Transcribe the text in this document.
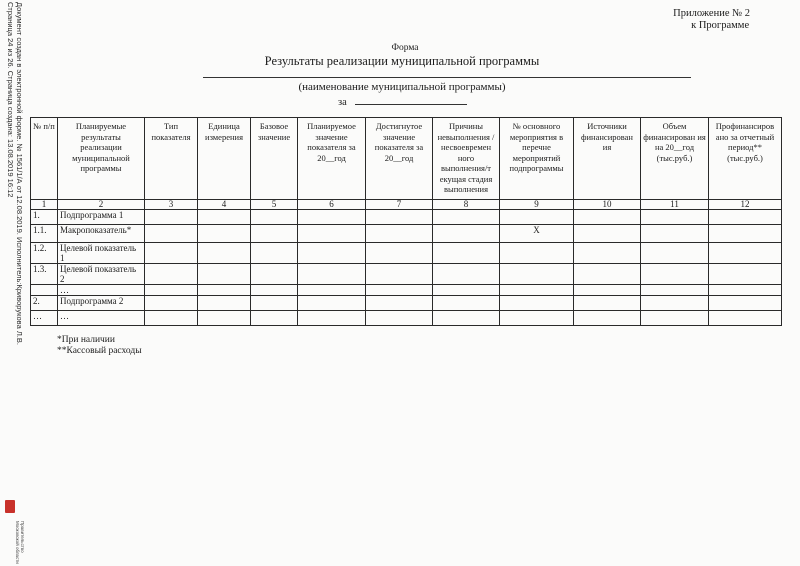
Документ создан в электронной форме. № 1561/1/А от 12.08.2019. Исполнитель:Криворукова Л.В.
Страница 24 из 26. Страница создана: 13.08.2019 16:12
Правительство
Московской области
Приложение № 2
к Программе
Форма
Результаты реализации муниципальной программы
(наименование муниципальной программы)
за
№ п/п	Планируемые результаты реализации муниципальной программы	Тип показателя	Единица измерения	Базовое значение	Планируемое значение показателя за 20__год	Достигнутое значение показателя за 20__год	Причины невыполнения /несвоевремен ного выполнения/т екущая стадия выполнения	№ основного мероприятия в перечне мероприятий подпрограммы	Источники финансирован ия	Объем финансирован ия на 20__год (тыс.руб.)	Профинансиров ано за отчетный период** (тыс.руб.)
1	2	3	4	5	6	7	8	9	10	11	12
1.	Подпрограмма 1										
1.1.	Макропоказатель*							X			
1.2.	Целевой показатель 1										
1.3.	Целевой показатель 2										
	…										
2.	Подпрограмма 2										
…	…										
*При наличии
**Кассовый расходы
